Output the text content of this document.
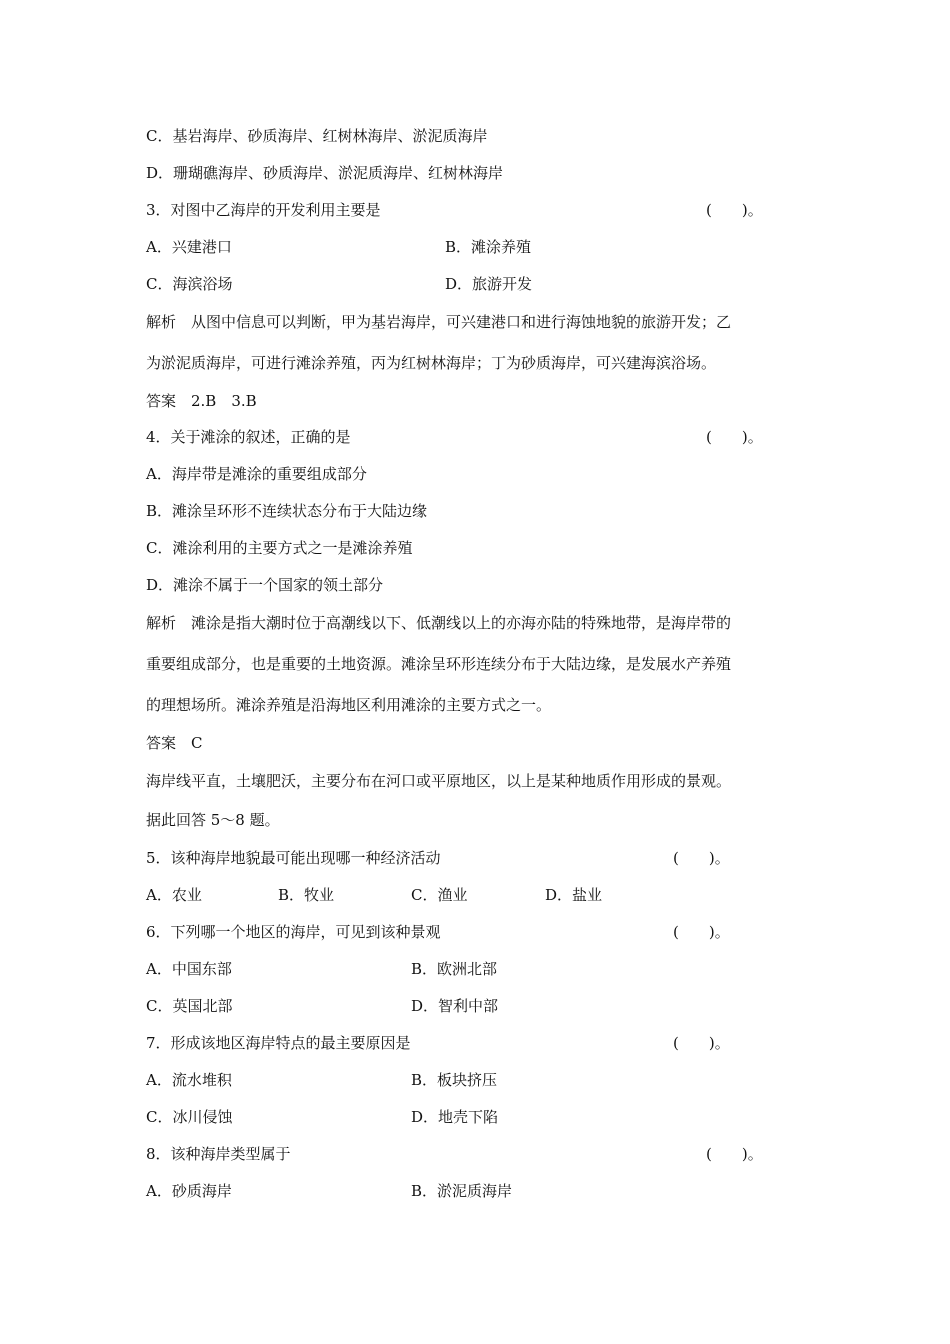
C．基岩海岸、砂质海岸、红树林海岸、淤泥质海岸
D．珊瑚礁海岸、砂质海岸、淤泥质海岸、红树林海岸
3．对图中乙海岸的开发利用主要是	(　　)。
A．兴建港口	B．滩涂养殖
C．海滨浴场	D．旅游开发
解析　从图中信息可以判断，甲为基岩海岸，可兴建港口和进行海蚀地貌的旅游开发；乙
为淤泥质海岸，可进行滩涂养殖，丙为红树林海岸；丁为砂质海岸，可兴建海滨浴场。
答案　2.B　3.B
4．关于滩涂的叙述，正确的是	(　　)。
A．海岸带是滩涂的重要组成部分
B．滩涂呈环形不连续状态分布于大陆边缘
C．滩涂利用的主要方式之一是滩涂养殖
D．滩涂不属于一个国家的领土部分
解析　滩涂是指大潮时位于高潮线以下、低潮线以上的亦海亦陆的特殊地带，是海岸带的
重要组成部分，也是重要的土地资源。滩涂呈环形连续分布于大陆边缘，是发展水产养殖
的理想场所。滩涂养殖是沿海地区利用滩涂的主要方式之一。
答案　C
海岸线平直，土壤肥沃，主要分布在河口或平原地区，以上是某种地质作用形成的景观。
据此回答 5～8 题。
5．该种海岸地貌最可能出现哪一种经济活动	(　　)。
A．农业	B．牧业	C．渔业	D．盐业
6．下列哪一个地区的海岸，可见到该种景观	(　　)。
A．中国东部	B．欧洲北部
C．英国北部	D．智利中部
7．形成该地区海岸特点的最主要原因是	(　　)。
A．流水堆积	B．板块挤压
C．冰川侵蚀	D．地壳下陷
8．该种海岸类型属于	(　　)。
A．砂质海岸	B．淤泥质海岸
